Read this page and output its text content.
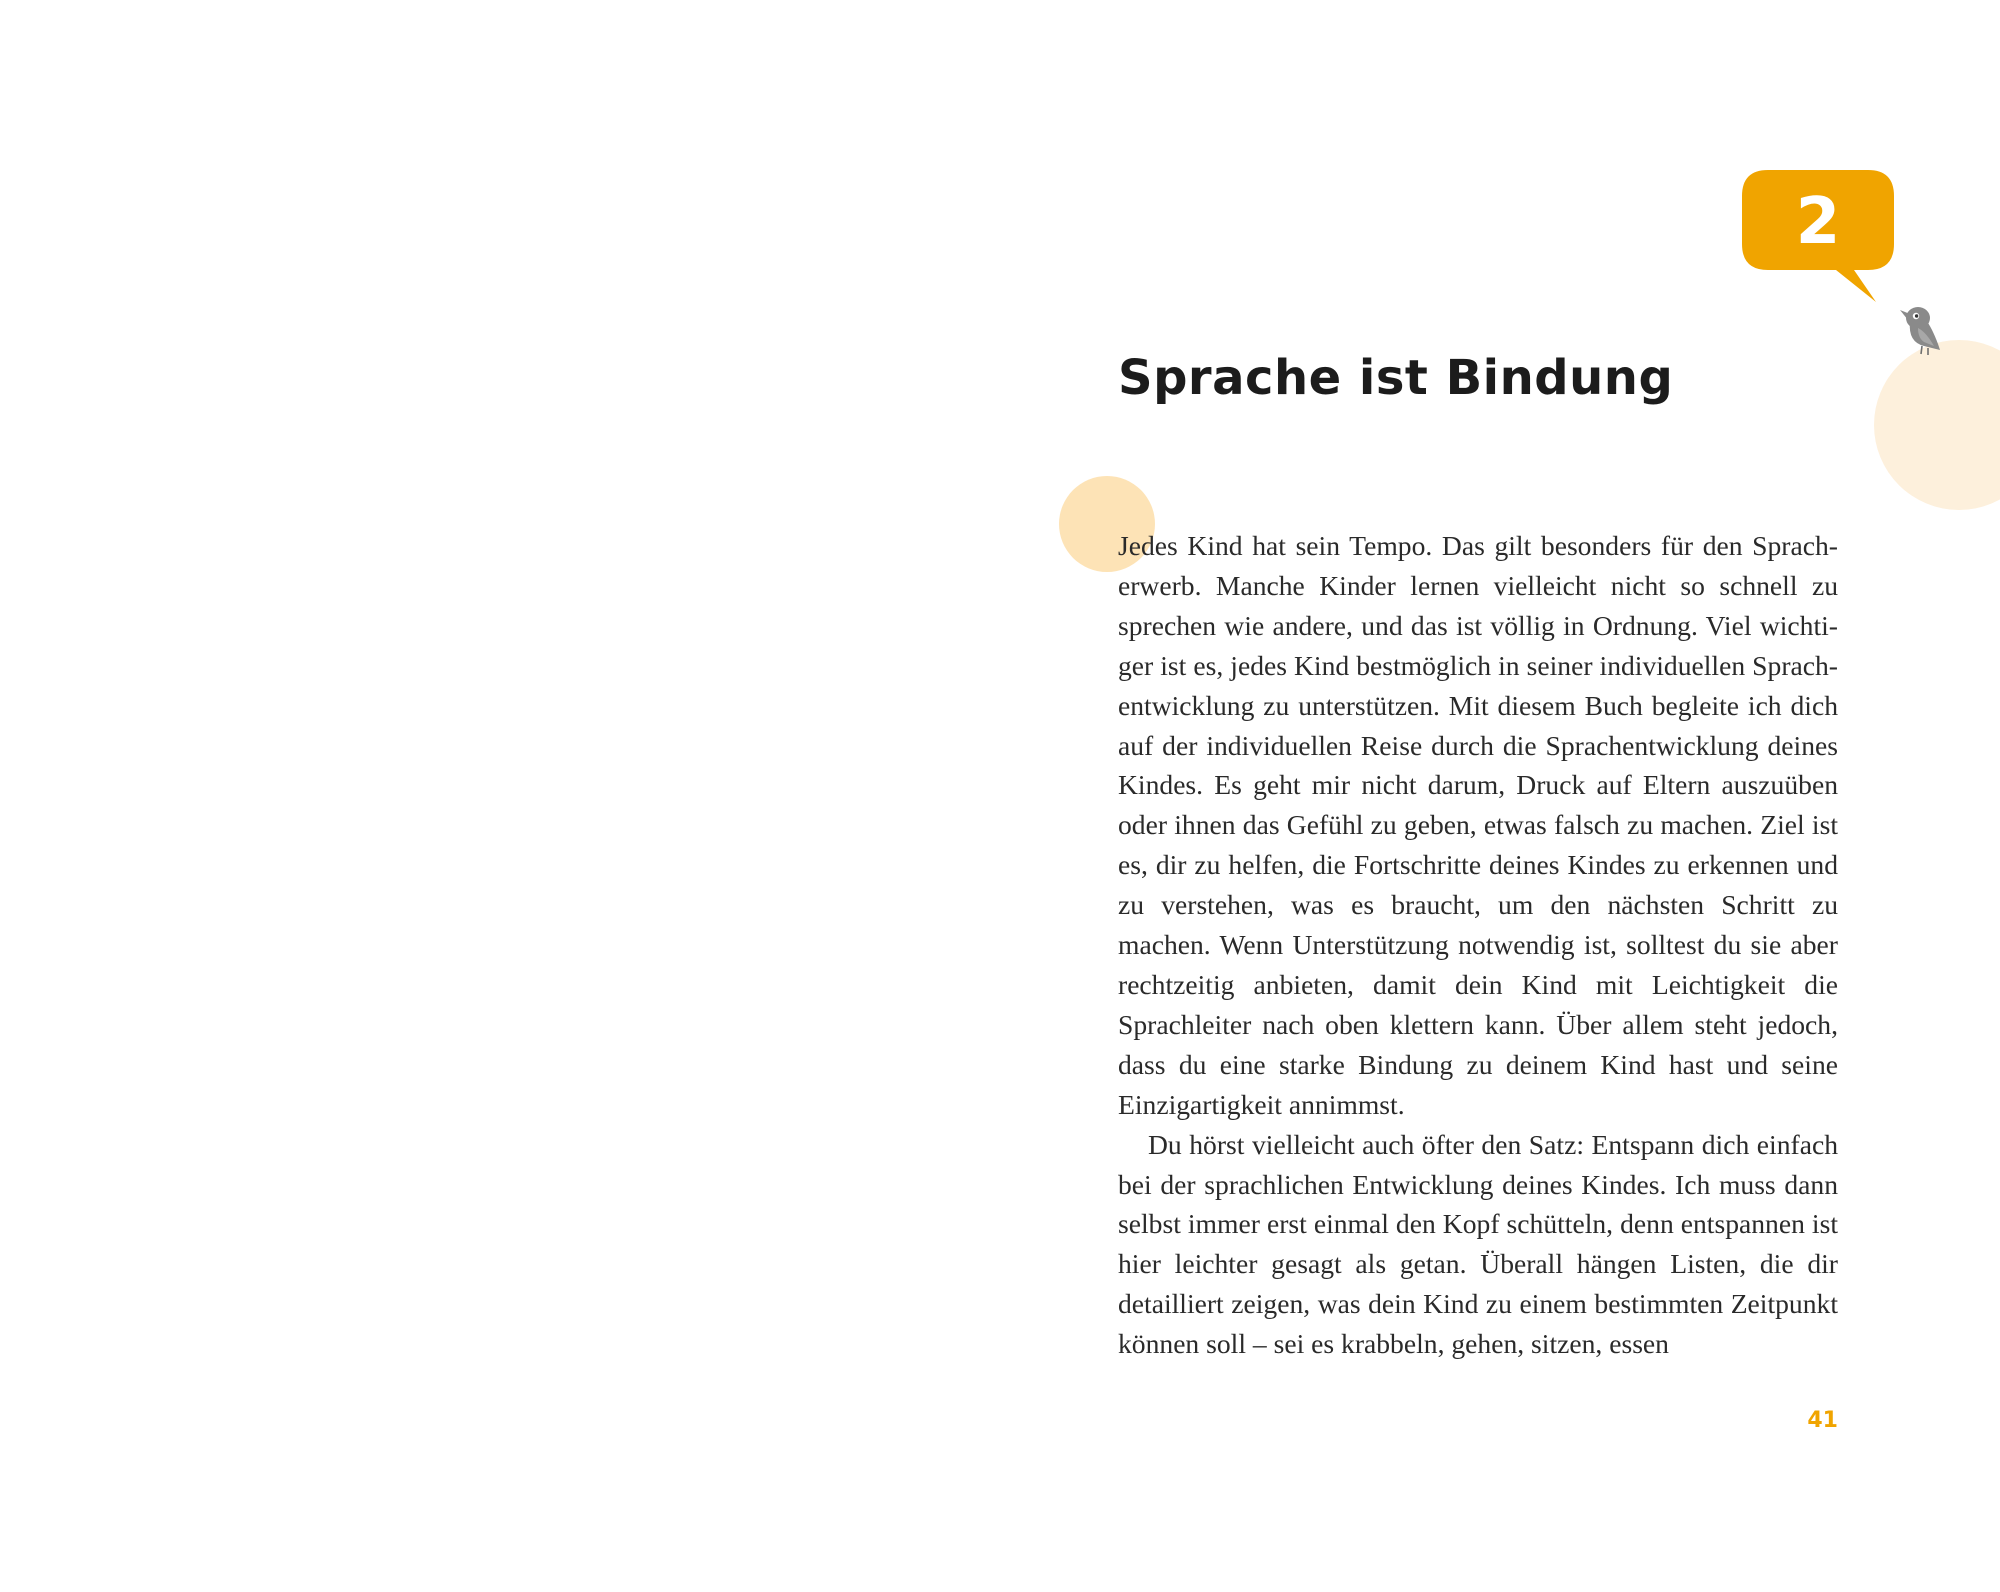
2
Sprache ist Bindung

Jedes Kind hat sein Tempo. Das gilt besonders für den Spracherwerb. Manche Kinder lernen vielleicht nicht so schnell zu sprechen wie andere, und das ist völlig in Ordnung. Viel wichtiger ist es, jedes Kind bestmöglich in seiner individuellen Sprachentwicklung zu unterstützen. Mit diesem Buch begleite ich dich auf der individuellen Reise durch die Sprachentwicklung deines Kindes. Es geht mir nicht darum, Druck auf Eltern auszuüben oder ihnen das Gefühl zu geben, etwas falsch zu machen. Ziel ist es, dir zu helfen, die Fortschritte deines Kindes zu erkennen und zu verstehen, was es braucht, um den nächsten Schritt zu machen. Wenn Unterstützung notwendig ist, solltest du sie aber rechtzeitig anbieten, damit dein Kind mit Leichtigkeit die Sprachleiter nach oben klettern kann. Über allem steht jedoch, dass du eine starke Bindung zu deinem Kind hast und seine Einzigartigkeit annimmst.

Du hörst vielleicht auch öfter den Satz: Entspann dich einfach bei der sprachlichen Entwicklung deines Kindes. Ich muss dann selbst immer erst einmal den Kopf schütteln, denn entspannen ist hier leichter gesagt als getan. Überall hängen Listen, die dir detailliert zeigen, was dein Kind zu einem bestimmten Zeitpunkt können soll – sei es krabbeln, gehen, sitzen, essen

41
